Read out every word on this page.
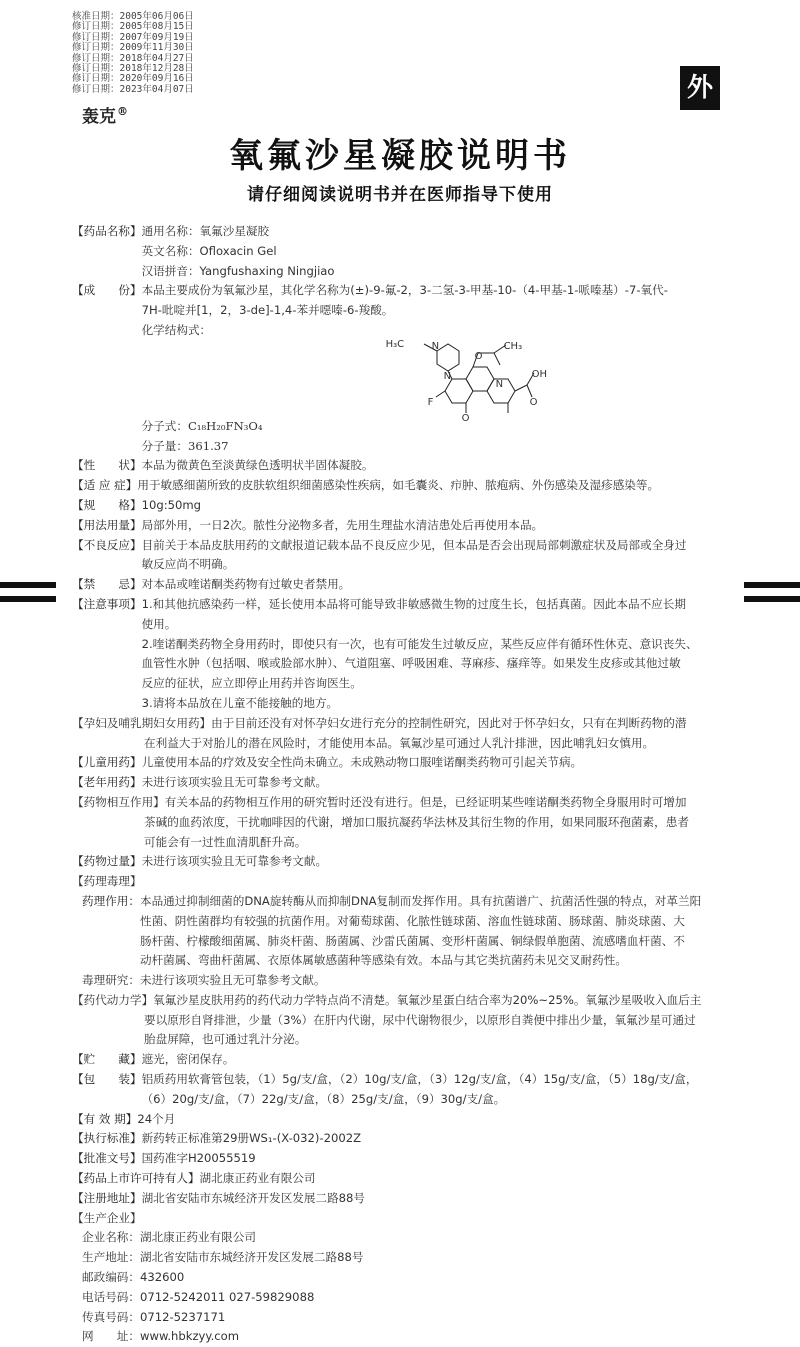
核准日期：2005年06月06日
修订日期：2005年08月15日
修订日期：2007年09月19日
修订日期：2009年11月30日
修订日期：2018年04月27日
修订日期：2018年12月28日
修订日期：2020年09月16日
修订日期：2023年04月07日
轰克®
外
氧氟沙星凝胶说明书
请仔细阅读说明书并在医师指导下使用
【药品名称】 通用名称：氧氟沙星凝胶
英文名称：Ofloxacin Gel
汉语拼音：Yangfushaxing Ningjiao
【成　　份】 本品主要成份为氧氟沙星，其化学名称为(±)-9-氟-2，3-二氢-3-甲基-10-（4-甲基-1-哌嗪基）-7-氧代-
7H-吡啶并[1，2，3-de]-1,4-苯并噁嗪-6-羧酸。
化学结构式：
H₃C	N
N
O
CH₃
N
F
O
O
OH
分子式：C₁₈H₂₀FN₃O₄
分子量：361.37
【性　　状】 本品为微黄色至淡黄绿色透明状半固体凝胶。
【适 应 症】 用于敏感细菌所致的皮肤软组织细菌感染性疾病，如毛囊炎、疖肿、脓疱病、外伤感染及湿疹感染等。
【规　　格】 10g:50mg
【用法用量】 局部外用，一日2次。脓性分泌物多者，先用生理盐水清洁患处后再使用本品。
【不良反应】 目前关于本品皮肤用药的文献报道记载本品不良反应少见，但本品是否会出现局部刺激症状及局部或全身过
敏反应尚不明确。
【禁　　忌】 对本品或喹诺酮类药物有过敏史者禁用。
【注意事项】 1.和其他抗感染药一样，延长使用本品将可能导致非敏感微生物的过度生长，包括真菌。因此本品不应长期
使用。
2.喹诺酮类药物全身用药时，即使只有一次，也有可能发生过敏反应，某些反应伴有循环性休克、意识丧失、
血管性水肿（包括咽、喉或脸部水肿）、气道阻塞、呼吸困难、荨麻疹、瘙痒等。如果发生皮疹或其他过敏
反应的征状，应立即停止用药并咨询医生。
3.请将本品放在儿童不能接触的地方。
【孕妇及哺乳期妇女用药】由于目前还没有对怀孕妇女进行充分的控制性研究，因此对于怀孕妇女，只有在判断药物的潜
在利益大于对胎儿的潜在风险时，才能使用本品。氧氟沙星可通过人乳汁排泄，因此哺乳妇女慎用。
【儿童用药】 儿童使用本品的疗效及安全性尚未确立。未成熟动物口服喹诺酮类药物可引起关节病。
【老年用药】 未进行该项实验且无可靠参考文献。
【药物相互作用】有关本品的药物相互作用的研究暂时还没有进行。但是，已经证明某些喹诺酮类药物全身服用时可增加
茶碱的血药浓度，干扰咖啡因的代谢，增加口服抗凝药华法林及其衍生物的作用，如果同服环孢菌素，患者
可能会有一过性血清肌酐升高。
【药物过量】 未进行该项实验且无可靠参考文献。
【药理毒理】
药理作用： 本品通过抑制细菌的DNA旋转酶从而抑制DNA复制而发挥作用。具有抗菌谱广、抗菌活性强的特点，对革兰阳
性菌、阴性菌群均有较强的抗菌作用。对葡萄球菌、化脓性链球菌、溶血性链球菌、肠球菌、肺炎球菌、大
肠杆菌、柠檬酸细菌属、肺炎杆菌、肠菌属、沙雷氏菌属、变形杆菌属、铜绿假单胞菌、流感嗜血杆菌、不
动杆菌属、弯曲杆菌属、衣原体属敏感菌种等感染有效。本品与其它类抗菌药未见交叉耐药性。
毒理研究：未进行该项实验且无可靠参考文献。
【药代动力学】氧氟沙星皮肤用药的药代动力学特点尚不清楚。氧氟沙星蛋白结合率为20%~25%。氧氟沙星吸收入血后主
要以原形自肾排泄，少量（3%）在肝内代谢，尿中代谢物很少，以原形自粪便中排出少量，氧氟沙星可通过
胎盘屏障，也可通过乳汁分泌。
【贮　　藏】 遮光，密闭保存。
【包　　装】 铝质药用软膏管包装，（1）5g/支/盒，（2）10g/支/盒，（3）12g/支/盒，（4）15g/支/盒，（5）18g/支/盒，
（6）20g/支/盒，（7）22g/支/盒，（8）25g/支/盒，（9）30g/支/盒。
【有 效 期】 24个月
【执行标准】 新药转正标准第29册WS₁-(X-032)-2002Z
【批准文号】 国药准字H20055519
【药品上市许可持有人】 湖北康正药业有限公司
【注册地址】 湖北省安陆市东城经济开发区发展二路88号
【生产企业】
企业名称：湖北康正药业有限公司
生产地址：湖北省安陆市东城经济开发区发展二路88号
邮政编码：432600
电话号码：0712-5242011 027-59829088
传真号码：0712-5237171
网　　址：www.hbkzyy.com
